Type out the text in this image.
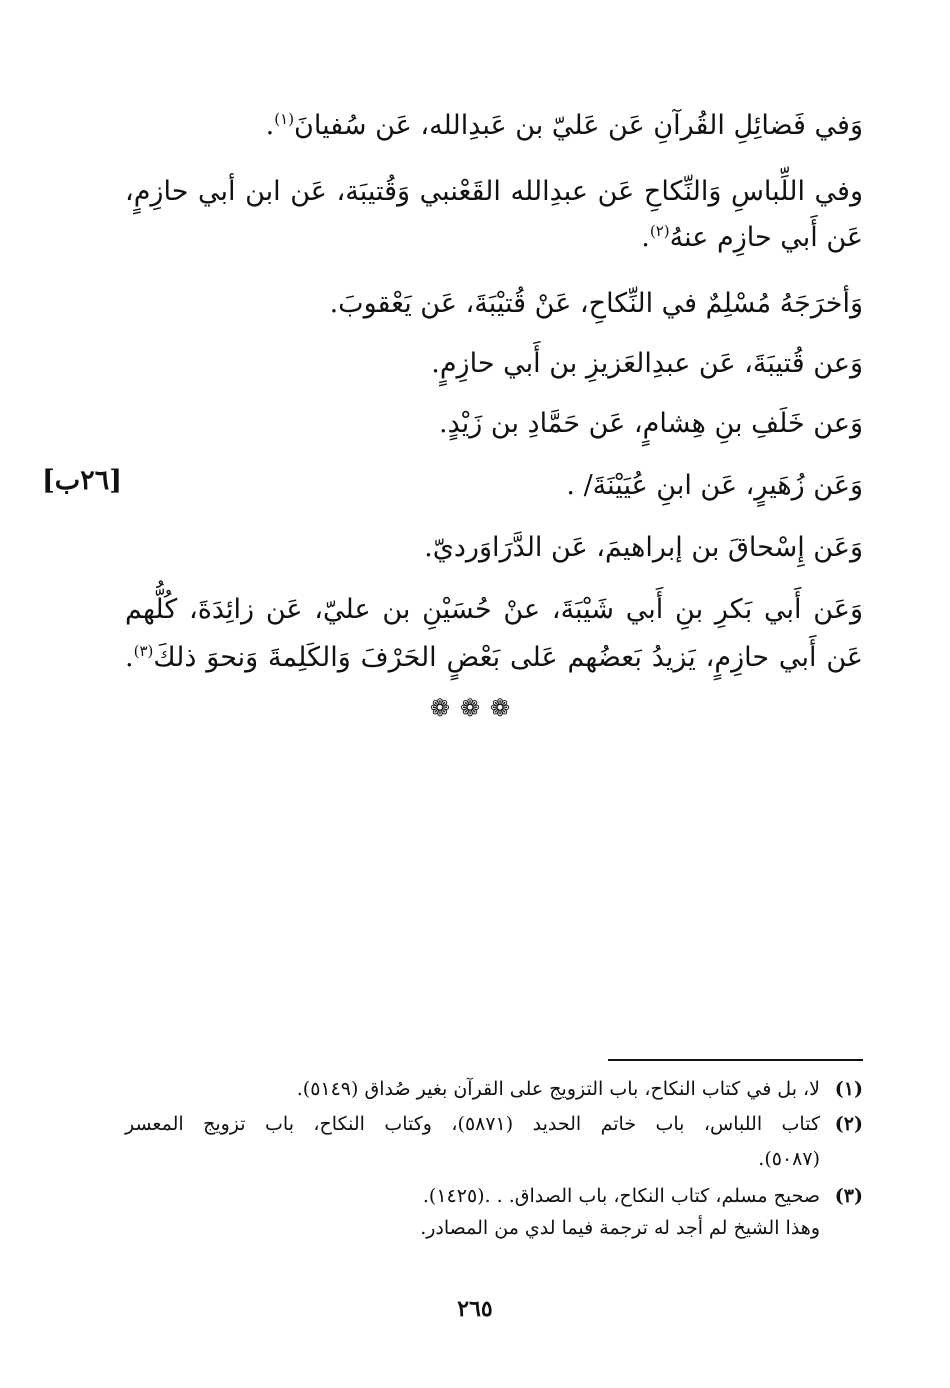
وَفي فَضائِلِ القُرآنِ عَن عَليّ بن عَبدِالله، عَن سُفيانَ$^{(١)}$.
وفي اللِّباسِ وَالنِّكاحِ عَن عبدِالله القَعْنبي وَقُتيبَة، عَن ابن أبي حازِمٍ،
عَن أَبي حازِم عنهُ$^{(٢)}$.
وَأخرَجَهُ مُسْلِمٌ في النِّكاحِ، عَنْ قُتيْبَةَ، عَن يَعْقوبَ.
وَعن قُتيبَةَ، عَن عبدِالعَزيزِ بن أَبي حازِمٍ.
وَعن خَلَفِ بنِ هِشامٍ، عَن حَمَّادِ بن زَيْدٍ.
وَعَن زُهَيرٍ، عَن ابنِ عُيَيْنَةَ/ .
وَعَن إِسْحاقَ بن إبراهيمَ، عَن الدَّرَاوَرديّ.
وَعَن أَبي بَكرِ بنِ أَبي شَيْبَةَ، عنْ حُسَيْنِ بن عليّ، عَن زائِدَةَ، كُلُّهم
عَن أَبي حازِمٍ، يَزيدُ بَعضُهم عَلى بَعْضٍ الحَرْفَ وَالكَلِمةَ وَنحوَ ذلكَ$^{(٣)}$.
[٢٦ب]
❁❁❁
(١)
لا، بل في كتاب النكاح، باب التزويج على القرآن بغير صُداق (٥١٤٩).
(٢)
كتاب اللباس، باب خاتم الحديد (٥٨٧١)، وكتاب النكاح، باب تزويج المعسر
(٥٠٨٧).
(٣)
صحيح مسلم، كتاب النكاح، باب الصداق. . .(١٤٢٥).
وهذا الشيخ لم أجد له ترجمة فيما لدي من المصادر.
٢٦٥
